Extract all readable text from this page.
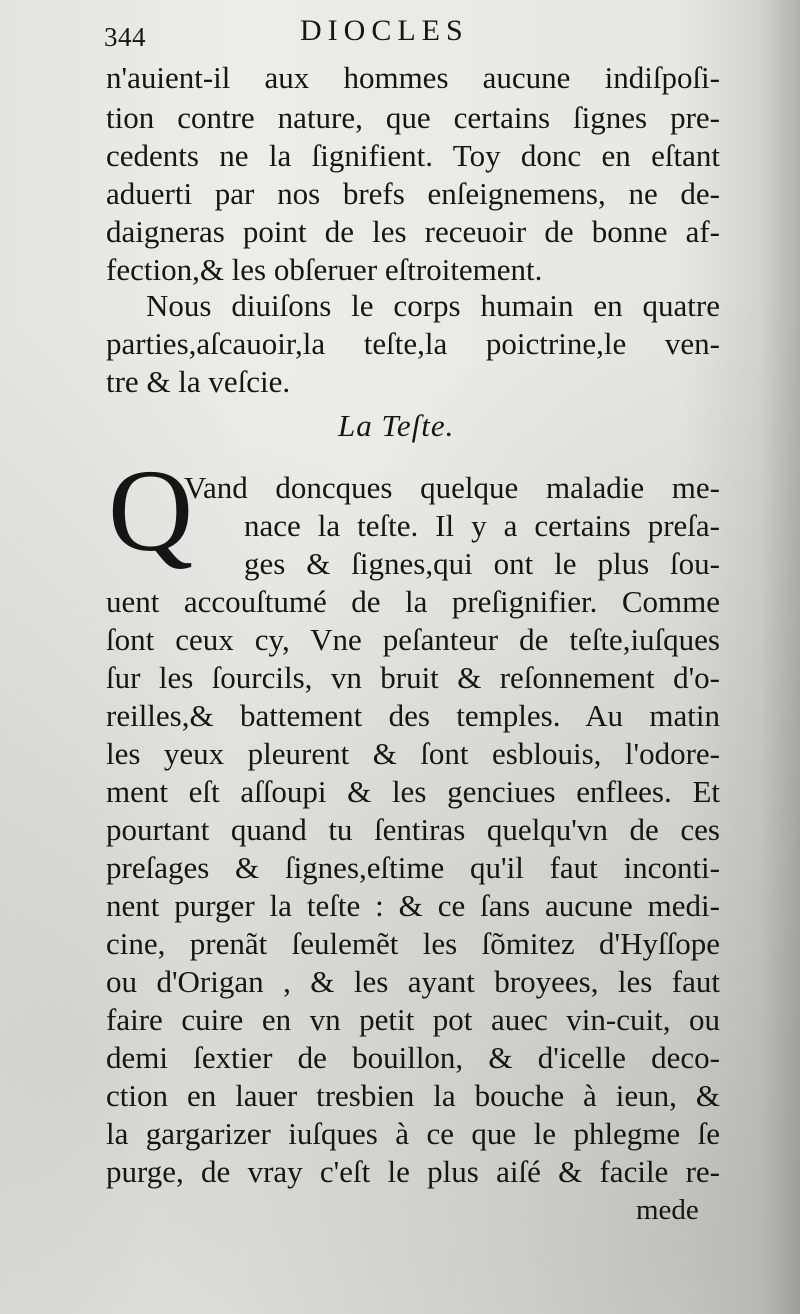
344	DIOCLES
n'auient-il aux hommes aucune indiſpoſi-
tion contre nature, que certains ſignes pre-
cedents ne la ſignifient. Toy donc en eſtant
aduerti par nos brefs enſeignemens, ne de-
daigneras point de les receuoir de bonne af-
fection,& les obſeruer eſtroitement.
Nous diuiſons le corps humain en quatre
parties,aſcauoir,la teſte,la poictrine,le ven-
tre & la veſcie.
La Teſte.
Q
Vand doncques quelque maladie me-
nace la teſte. Il y a certains preſa-
ges & ſignes,qui ont le plus ſou-
uent accouſtumé de la preſignifier. Comme
ſont ceux cy, Vne peſanteur de teſte,iuſques
ſur les ſourcils, vn bruit & reſonnement d'o-
reilles,& battement des temples. Au matin
les yeux pleurent & ſont esblouis, l'odore-
ment eſt aſſoupi & les genciues enflees. Et
pourtant quand tu ſentiras quelqu'vn de ces
preſages & ſignes,eſtime qu'il faut inconti-
nent purger la teſte : & ce ſans aucune medi-
cine, prenãt ſeulemẽt les ſõmitez d'Hyſſope
ou d'Origan , & les ayant broyees, les faut
faire cuire en vn petit pot auec vin-cuit, ou
demi ſextier de bouillon, & d'icelle deco-
ction en lauer tresbien la bouche à ieun, &
la gargarizer iuſques à ce que le phlegme ſe
purge, de vray c'eſt le plus aiſé & facile re-
mede
